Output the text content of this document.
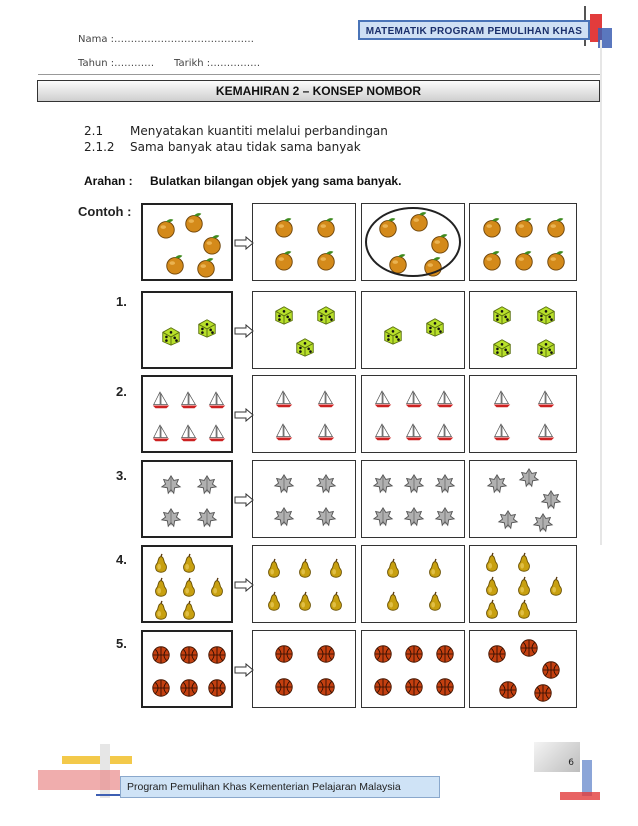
Nama :……………………………………
Tahun :………… Tarikh :……………
MATEMATIK PROGRAM PEMULIHAN KHAS
KEMAHIRAN 2 – KONSEP NOMBOR
2.1 Menyatakan kuantiti melalui perbandingan
2.1.2 Sama banyak atau tidak sama banyak
Arahan : Bulatkan bilangan objek yang sama banyak.
Contoh :
1.
2.
3.
4.
5.
Program Pemulihan Khas Kementerian Pelajaran Malaysia
6
